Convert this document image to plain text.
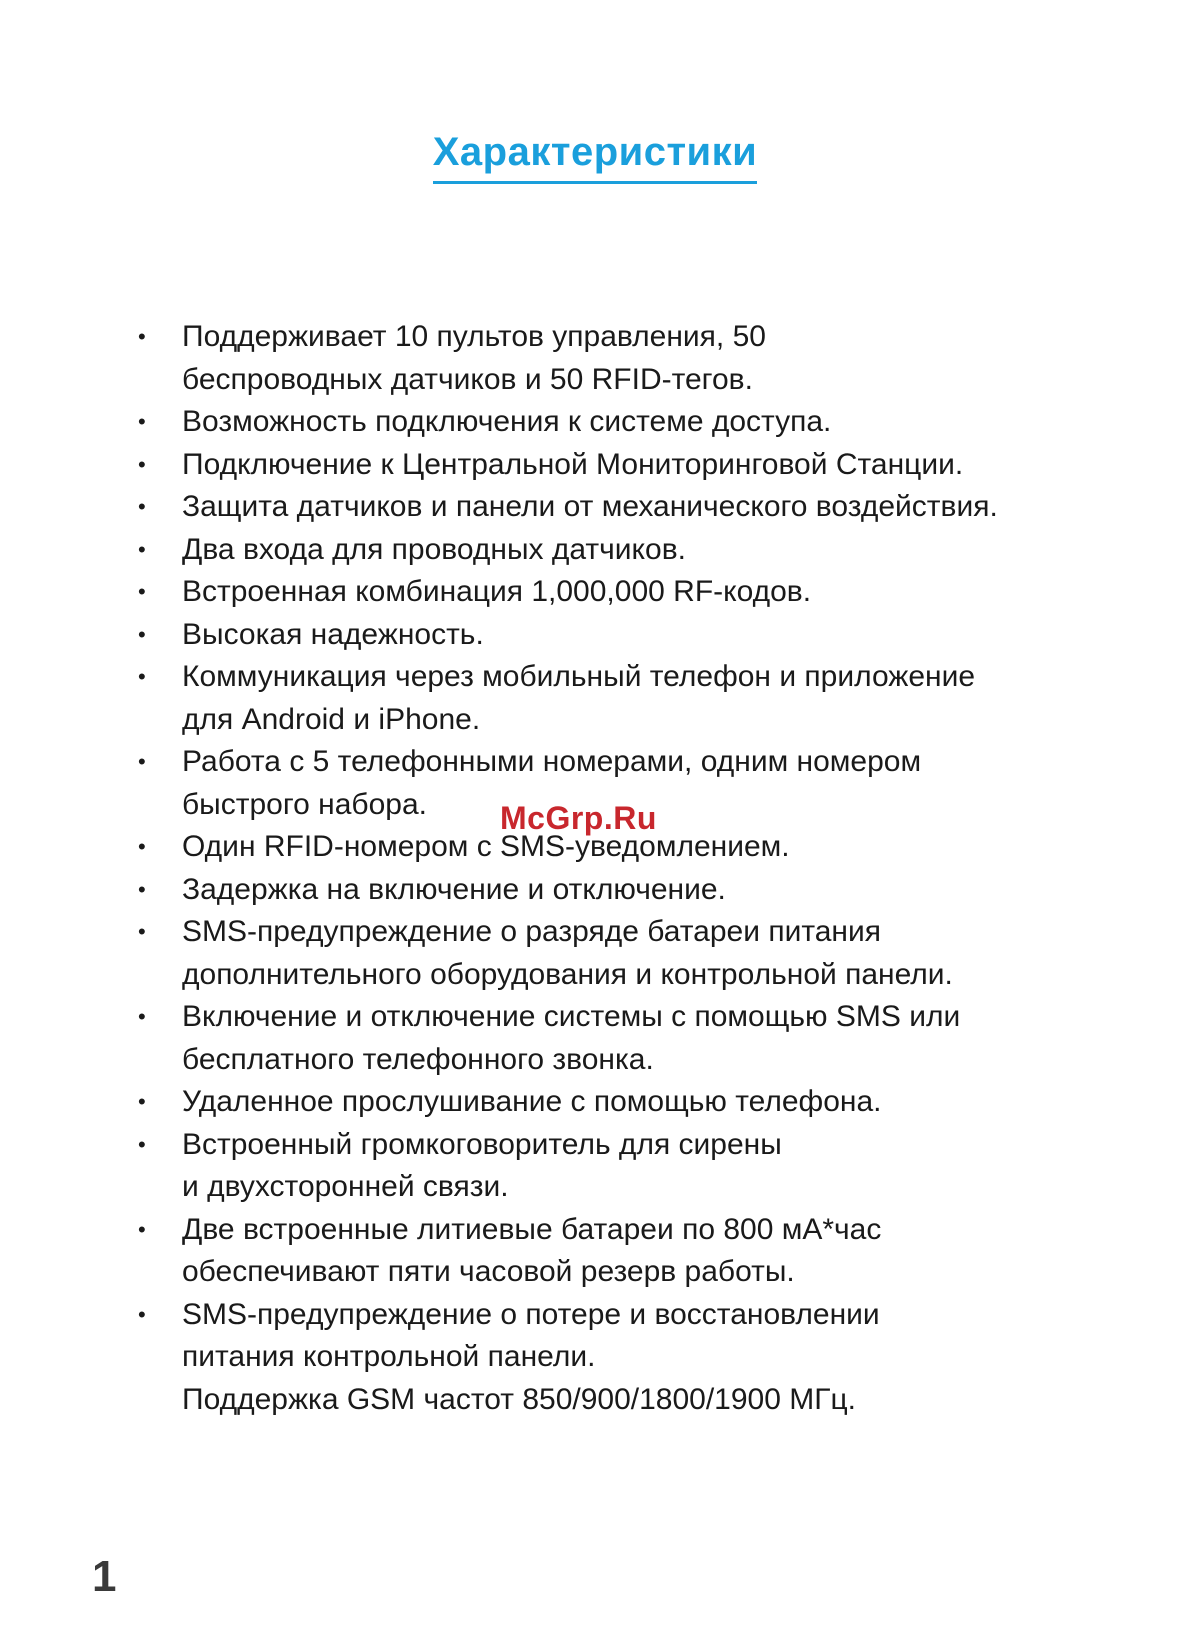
Характеристики
• Поддерживает 10 пультов управления, 50
беспроводных датчиков и 50 RFID-тегов.
• Возможность подключения к системе доступа.
• Подключение к Центральной Мониторинговой Станции.
• Защита датчиков и панели от механического воздействия.
• Два входа для проводных датчиков.
• Встроенная комбинация 1,000,000 RF-кодов.
• Высокая надежность.
• Коммуникация через мобильный телефон и приложение
для Android и iPhone.
• Работа с 5 телефонными номерами, одним номером
быстрого набора.
• Один RFID-номером с SMS-уведомлением.
• Задержка на включение и отключение.
• SMS-предупреждение о разряде батареи питания
дополнительного оборудования и контрольной панели.
• Включение и отключение системы с помощью SMS или
бесплатного телефонного звонка.
• Удаленное прослушивание с помощью телефона.
• Встроенный громкоговоритель для сирены
и двухсторонней связи.
• Две встроенные литиевые батареи по 800 мА*час
обеспечивают пяти часовой резерв работы.
• SMS-предупреждение о потере и восстановлении
питания контрольной панели.
Поддержка GSM частот 850/900/1800/1900 МГц.
McGrp.Ru
1
